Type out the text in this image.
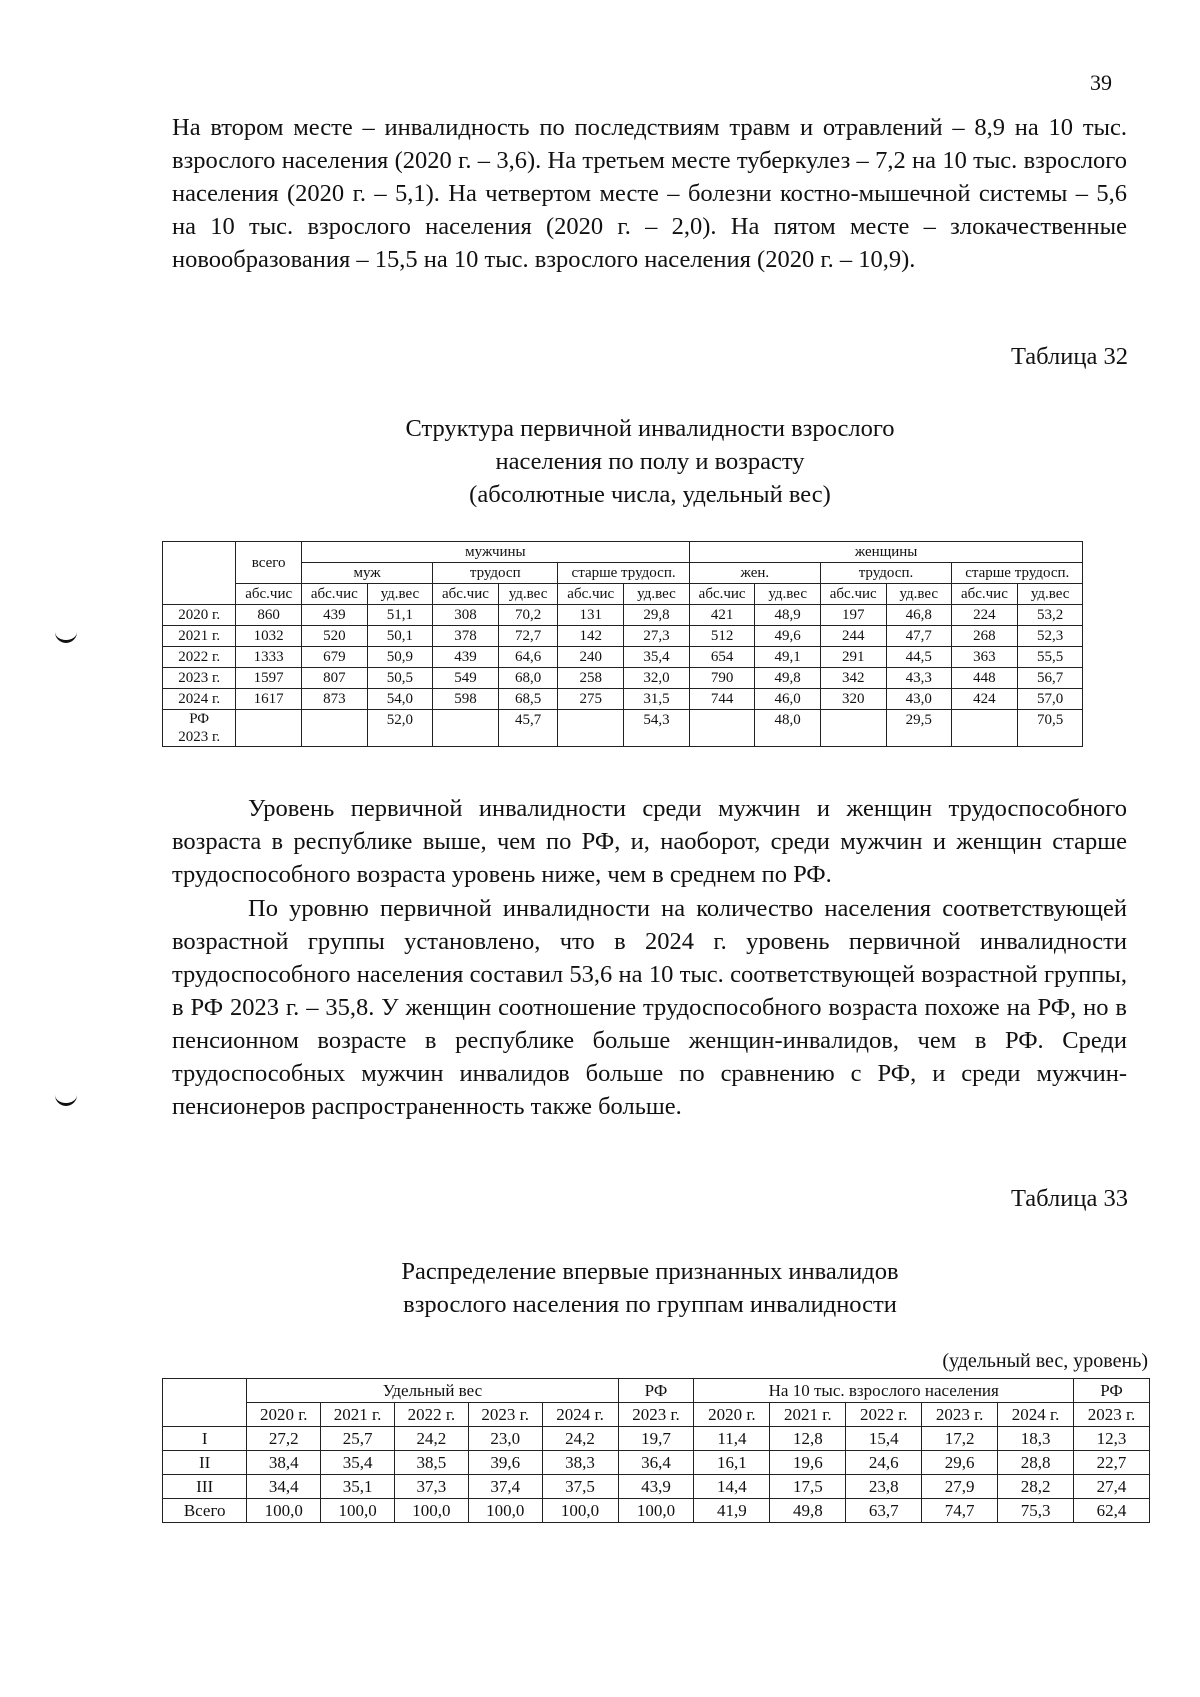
39

На втором месте – инвалидность по последствиям травм и отравлений – 8,9 на 10 тыс. взрослого населения (2020 г. – 3,6). На третьем месте туберкулез – 7,2 на 10 тыс. взрослого населения (2020 г. – 5,1). На четвертом месте – болезни костно-мышечной системы – 5,6 на 10 тыс. взрослого населения (2020 г. – 2,0). На пятом месте – злокачественные новообразования – 15,5 на 10 тыс. взрослого населения (2020 г. – 10,9).

Таблица 32
Структура первичной инвалидности взрослого
населения по полу и возрасту
(абсолютные числа, удельный вес)
	всего	мужчины						женщины					
		муж		трудосп		старше трудосп.		жен.		трудосп.		старше трудосп.	
	абс.чис	абс.чис	уд.вес	абс.чис	уд.вес	абс.чис	уд.вес	абс.чис	уд.вес	абс.чис	уд.вес	абс.чис	уд.вес
2020 г.	860	439	51,1	308	70,2	131	29,8	421	48,9	197	46,8	224	53,2
2021 г.	1032	520	50,1	378	72,7	142	27,3	512	49,6	244	47,7	268	52,3
2022 г.	1333	679	50,9	439	64,6	240	35,4	654	49,1	291	44,5	363	55,5
2023 г.	1597	807	50,5	549	68,0	258	32,0	790	49,8	342	43,3	448	56,7
2024 г.	1617	873	54,0	598	68,5	275	31,5	744	46,0	320	43,0	424	57,0

РФ
2023 г.			52,0		45,7		54,3		48,0		29,5		70,5

Уровень первичной инвалидности среди мужчин и женщин трудоспособного возраста в республике выше, чем по РФ, и, наоборот, среди мужчин и женщин старше трудоспособного возраста уровень ниже, чем в среднем по РФ.

По уровню первичной инвалидности на количество населения соответствующей возрастной группы установлено, что в 2024 г. уровень первичной инвалидности трудоспособного населения составил 53,6 на 10 тыс. соответствующей возрастной группы, в РФ 2023 г. – 35,8. У женщин соотношение трудоспособного возраста похоже на РФ, но в пенсионном возрасте в республике больше женщин-инвалидов, чем в РФ. Среди трудоспособных мужчин инвалидов больше по сравнению с РФ, и среди мужчин-пенсионеров распространенность также больше.

Таблица 33
Распределение впервые признанных инвалидов
взрослого населения по группам инвалидности
(удельный вес, уровень)
	Удельный вес					РФ	На 10 тыс. взрослого населения					РФ
	2020 г.	2021 г.	2022 г.	2023 г.	2024 г.	2023 г.	2020 г.	2021 г.	2022 г.	2023 г.	2024 г.	2023 г.
I	27,2	25,7	24,2	23,0	24,2	19,7	11,4	12,8	15,4	17,2	18,3	12,3
II	38,4	35,4	38,5	39,6	38,3	36,4	16,1	19,6	24,6	29,6	28,8	22,7
III	34,4	35,1	37,3	37,4	37,5	43,9	14,4	17,5	23,8	27,9	28,2	27,4
Всего	100,0	100,0	100,0	100,0	100,0	100,0	41,9	49,8	63,7	74,7	75,3	62,4
